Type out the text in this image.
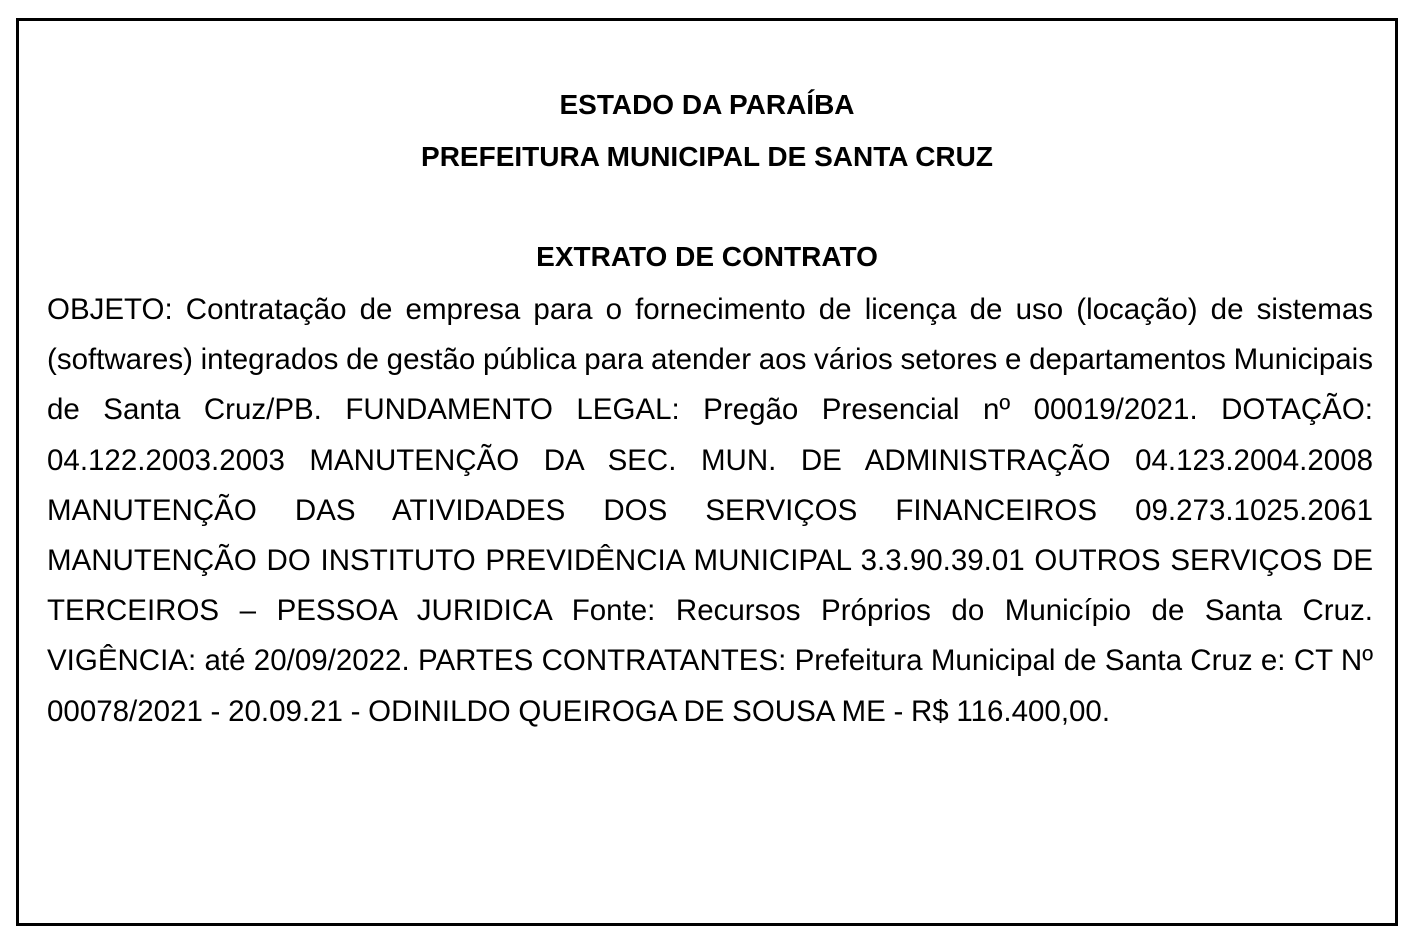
ESTADO DA PARAÍBA
PREFEITURA MUNICIPAL DE SANTA CRUZ
EXTRATO DE CONTRATO

OBJETO: Contratação de empresa para o fornecimento de licença de uso (locação) de sistemas (softwares) integrados de gestão pública para atender aos vários setores e departamentos Municipais de Santa Cruz/PB. FUNDAMENTO LEGAL: Pregão Presencial nº 00019/2021. DOTAÇÃO: 04.122.2003.2003 MANUTENÇÃO DA SEC. MUN. DE ADMINISTRAÇÃO 04.123.2004.2008 MANUTENÇÃO DAS ATIVIDADES DOS SERVIÇOS FINANCEIROS 09.273.1025.2061 MANUTENÇÃO DO INSTITUTO PREVIDÊNCIA MUNICIPAL 3.3.90.39.01 OUTROS SERVIÇOS DE TERCEIROS – PESSOA JURIDICA Fonte: Recursos Próprios do Município de Santa Cruz. VIGÊNCIA: até 20/09/2022. PARTES CONTRATANTES: Prefeitura Municipal de Santa Cruz e: CT Nº 00078/2021 - 20.09.21 - ODINILDO QUEIROGA DE SOUSA ME - R$ 116.400,00.
